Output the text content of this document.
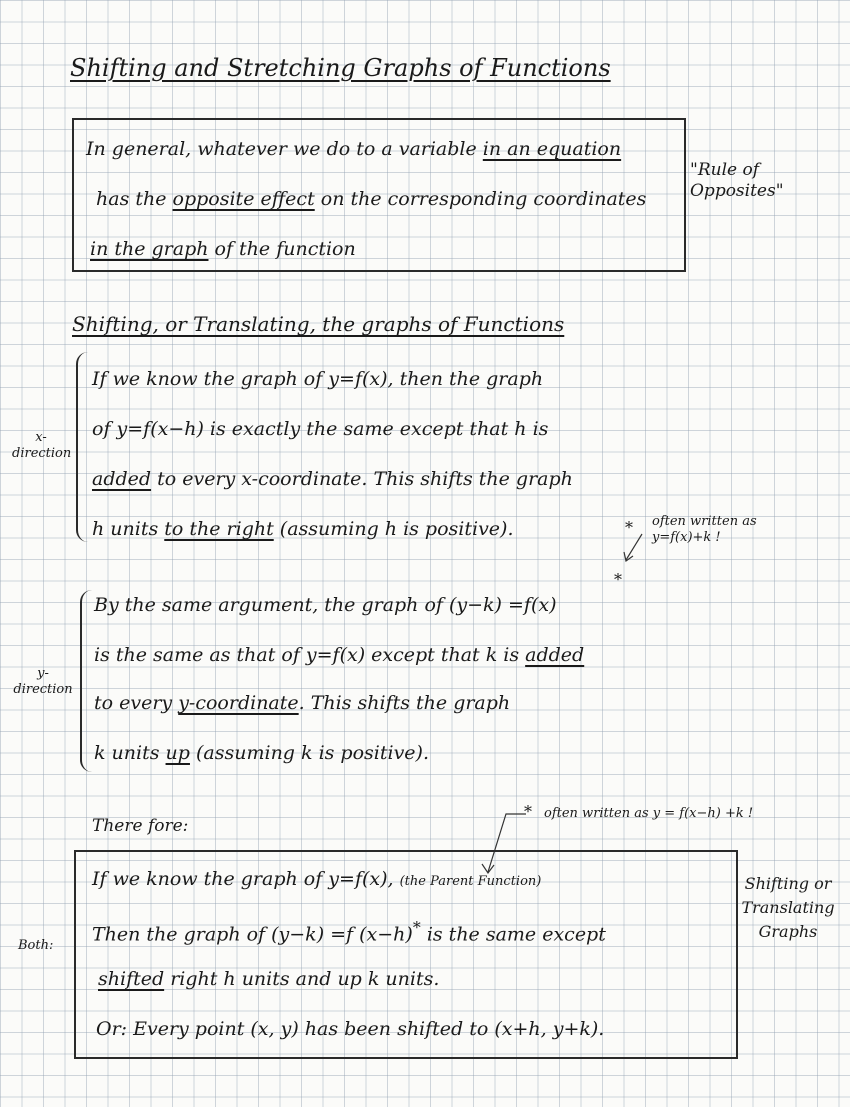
Shifting and Stretching Graphs of Functions
In general, whatever we do to a variable in an equation
has the opposite effect on the corresponding coordinates
in the graph of the function
"Rule of Opposites"
Shifting, or Translating, the graphs of Functions
x-direction
If we know the graph of y=f(x), then the graph
of y=f(x−h) is exactly the same except that h is
added to every x-coordinate. This shifts the graph
h units to the right (assuming h is positive).	* often written as y=f(x)+k !
*
y-direction
By the same argument, the graph of (y−k) =f(x)
is the same as that of y=f(x) except that k is added
to every y-coordinate. This shifts the graph
k units up (assuming k is positive).
There fore:
* often written as y = f(x−h) +k !
Both:
If we know the graph of y=f(x), (the Parent Function)
Then the graph of (y−k) =f (x−h)* is the same except
shifted right h units and up k units.
Or: Every point (x, y) has been shifted to (x+h, y+k).
Shifting or Translating Graphs
